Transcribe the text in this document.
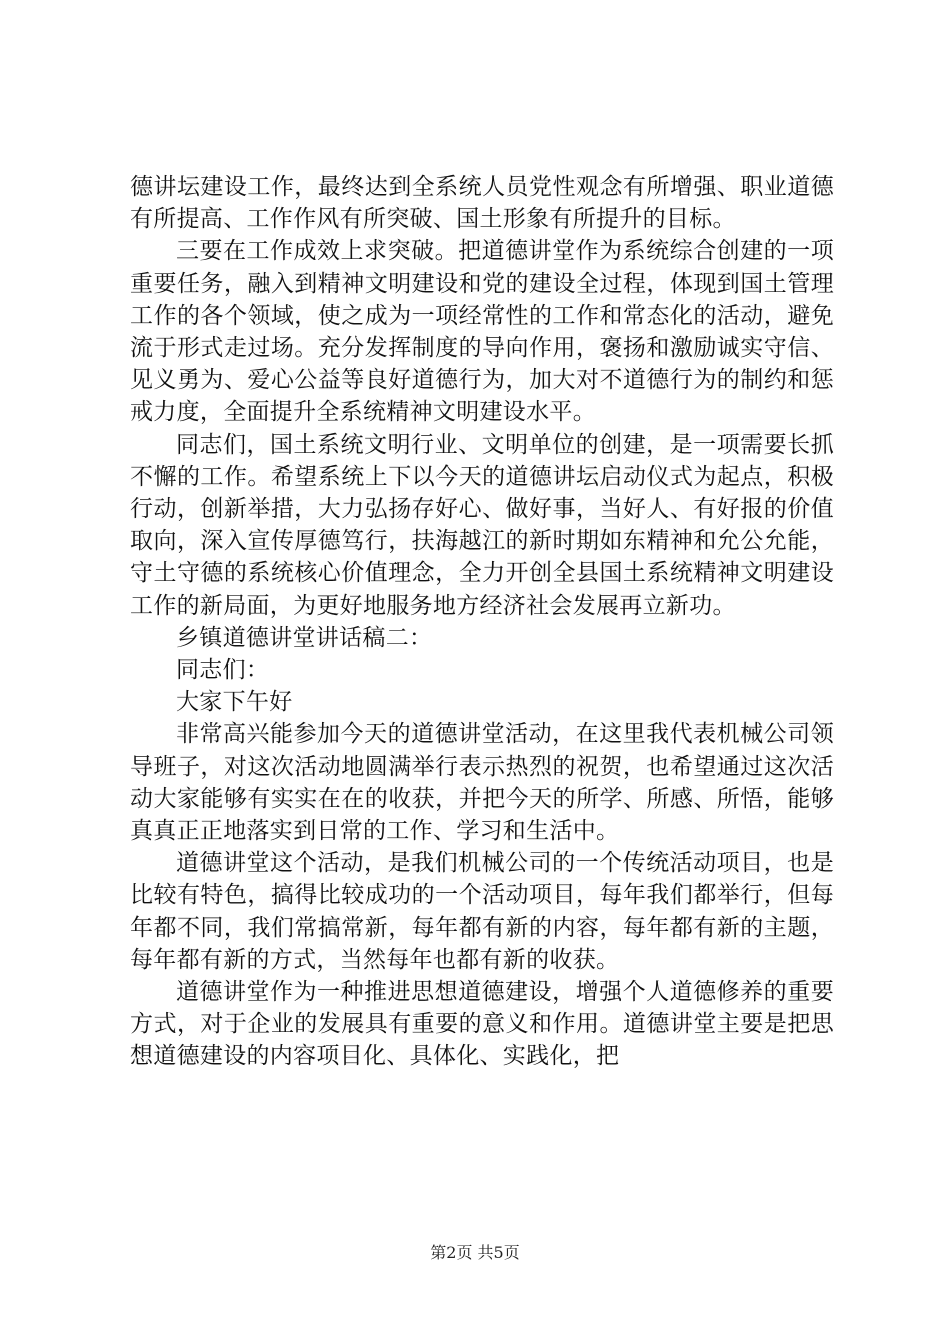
德讲坛建设工作，最终达到全系统人员党性观念有所增强、职业道德有所提高、工作作风有所突破、国土形象有所提升的目标。

三要在工作成效上求突破。把道德讲堂作为系统综合创建的一项重要任务，融入到精神文明建设和党的建设全过程，体现到国土管理工作的各个领域，使之成为一项经常性的工作和常态化的活动，避免流于形式走过场。充分发挥制度的导向作用，褒扬和激励诚实守信、见义勇为、爱心公益等良好道德行为，加大对不道德行为的制约和惩戒力度，全面提升全系统精神文明建设水平。

同志们，国土系统文明行业、文明单位的创建，是一项需要长抓不懈的工作。希望系统上下以今天的道德讲坛启动仪式为起点，积极行动，创新举措，大力弘扬存好心、做好事，当好人、有好报的价值取向，深入宣传厚德笃行，扶海越江的新时期如东精神和允公允能，守土守德的系统核心价值理念，全力开创全县国土系统精神文明建设工作的新局面，为更好地服务地方经济社会发展再立新功。

乡镇道德讲堂讲话稿二：

同志们：

大家下午好

非常高兴能参加今天的道德讲堂活动，在这里我代表机械公司领导班子，对这次活动地圆满举行表示热烈的祝贺，也希望通过这次活动大家能够有实实在在的收获，并把今天的所学、所感、所悟，能够真真正正地落实到日常的工作、学习和生活中。

道德讲堂这个活动，是我们机械公司的一个传统活动项目，也是比较有特色，搞得比较成功的一个活动项目，每年我们都举行，但每年都不同，我们常搞常新，每年都有新的内容，每年都有新的主题，每年都有新的方式，当然每年也都有新的收获。

道德讲堂作为一种推进思想道德建设，增强个人道德修养的重要方式，对于企业的发展具有重要的意义和作用。道德讲堂主要是把思想道德建设的内容项目化、具体化、实践化，把

第2页 共5页
